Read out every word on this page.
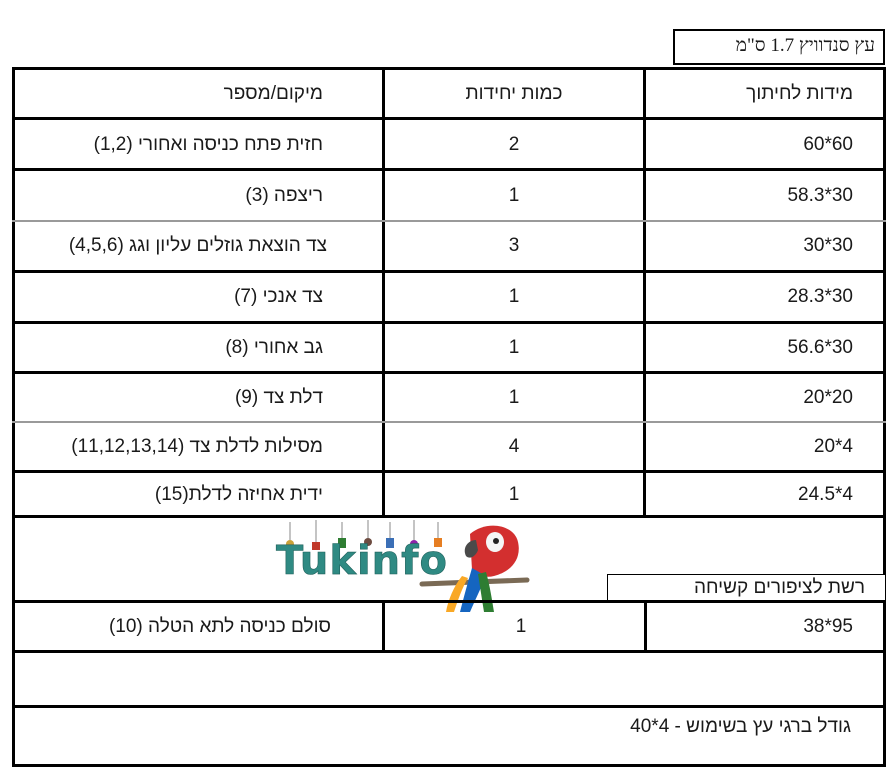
עץ סנדוויץ 1.7 ס"מ
מיקום/מספר	כמות יחידות	מידות לחיתוך
חזית פתח כניסה ואחורי (1,2)	2	60*60
ריצפה (3)	1	30*58.3
צד הוצאת גוזלים עליון וגג (4,5,6)	3	30*30
צד אנכי (7)	1	30*28.3
גב אחורי (8)	1	30*56.6
דלת צד (9)	1	20*20
מסילות לדלת צד (11,12,13,14)	4	4*20
ידית אחיזה לדלת(15)	1	4*24.5
Tukinfo
רשת לציפורים קשיחה
סולם כניסה לתא הטלה (10)	1	95*38
גודל ברגי עץ בשימוש - 4*40
